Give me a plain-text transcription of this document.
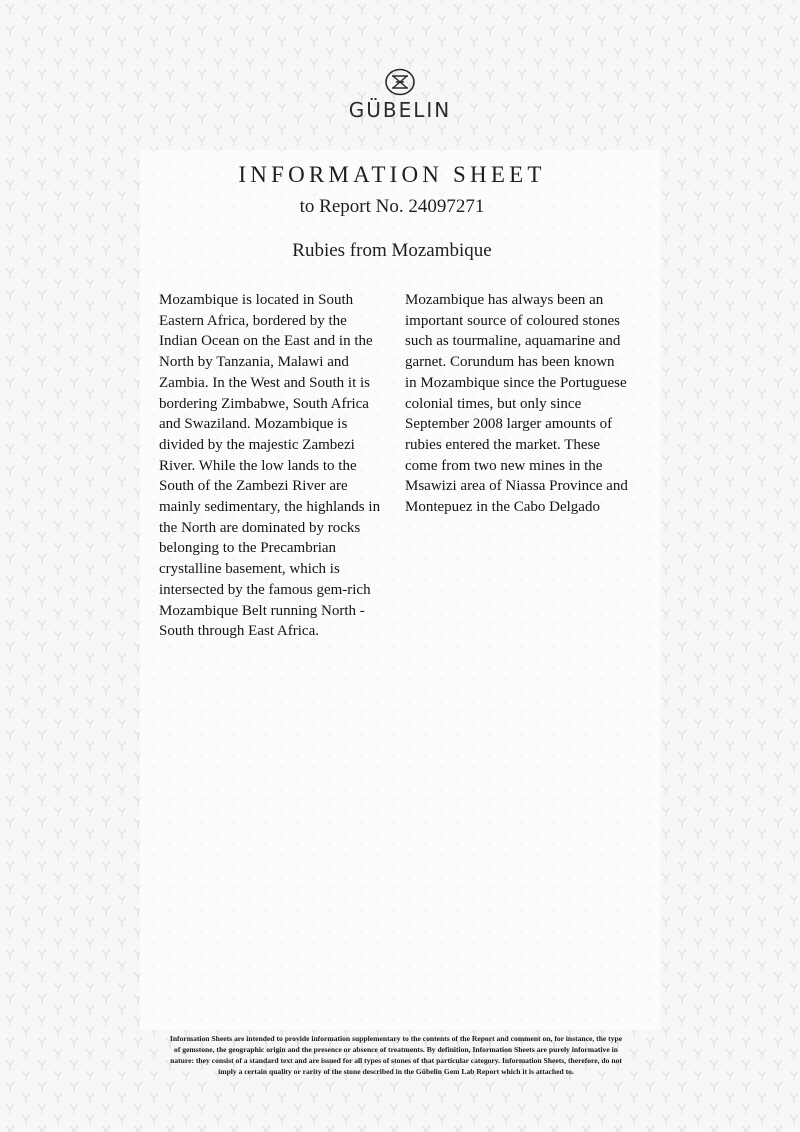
GÜBELIN
INFORMATION SHEET
to Report No. 24097271
Rubies from Mozambique
Mozambique is located in South
Eastern Africa, bordered by the
Indian Ocean on the East and in the
North by Tanzania, Malawi and
Zambia. In the West and South it is
bordering Zimbabwe, South Africa
and Swaziland. Mozambique is
divided by the majestic Zambezi
River. While the low lands to the
South of the Zambezi River are
mainly sedimentary, the highlands in
the North are dominated by rocks
belonging to the Precambrian
crystalline basement, which is
intersected by the famous gem-rich
Mozambique Belt running North -
South through East Africa.
Mozambique has always been an
important source of coloured stones
such as tourmaline, aquamarine and
garnet. Corundum has been known
in Mozambique since the Portuguese
colonial times, but only since
September 2008 larger amounts of
rubies entered the market. These
come from two new mines in the
Msawizi area of Niassa Province and
Montepuez in the Cabo Delgado
Information Sheets are intended to provide information supplementary to the contents of the Report and comment on, for instance, the type
of gemstone, the geographic origin and the presence or absence of treatments. By definition, Information Sheets are purely informative in
nature: they consist of a standard text and are issued for all types of stones of that particular category. Information Sheets, therefore, do not
imply a certain quality or rarity of the stone described in the Gübelin Gem Lab Report which it is attached to.
